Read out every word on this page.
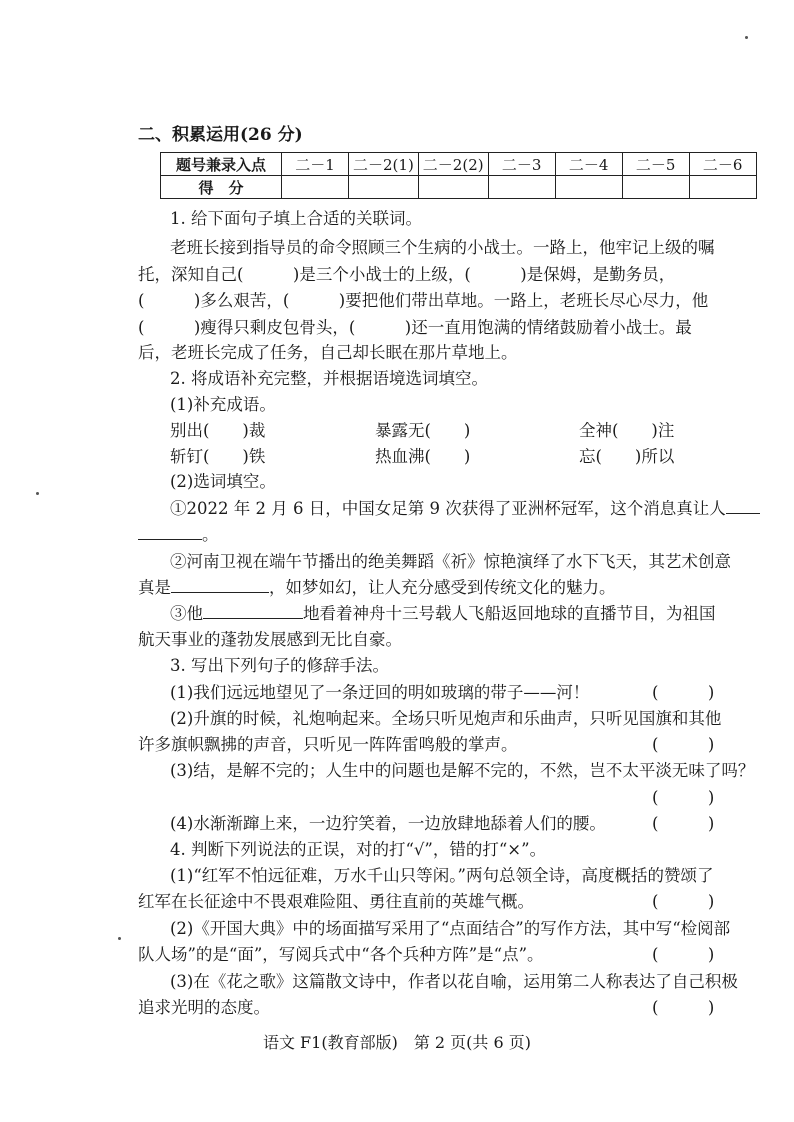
二、积累运用(26 分)
题号兼录入点	二－1	二－2(1)	二－2(2)	二－3	二－4	二－5	二－6
得　分							
1. 给下面句子填上合适的关联词。
老班长接到指导员的命令照顾三个生病的小战士。一路上，他牢记上级的嘱
托，深知自己(　　　)是三个小战士的上级，(　　　)是保姆，是勤务员，
(　　　)多么艰苦，(　　　)要把他们带出草地。一路上，老班长尽心尽力，他
(　　　)瘦得只剩皮包骨头，(　　　)还一直用饱满的情绪鼓励着小战士。最
后，老班长完成了任务，自己却长眠在那片草地上。
2. 将成语补充完整，并根据语境选词填空。
(1)补充成语。
别出(　　)裁	暴露无(　　)	全神(　　)注
斩钉(　　)铁	热血沸(　　)	忘(　　)所以
(2)选词填空。
①2022 年 2 月 6 日，中国女足第 9 次获得了亚洲杯冠军，这个消息真让人
。
②河南卫视在端午节播出的绝美舞蹈《祈》惊艳演绎了水下飞天，其艺术创意
真是	，如梦如幻，让人充分感受到传统文化的魅力。
③他	地看着神舟十三号载人飞船返回地球的直播节目，为祖国
航天事业的蓬勃发展感到无比自豪。
3. 写出下列句子的修辞手法。
(1)我们远远地望见了一条迂回的明如玻璃的带子——河！	(　　　)
(2)升旗的时候，礼炮响起来。全场只听见炮声和乐曲声，只听见国旗和其他
许多旗帜飘拂的声音，只听见一阵阵雷鸣般的掌声。	(　　　)
(3)结，是解不完的；人生中的问题也是解不完的，不然，岂不太平淡无味了吗？
(　　　)
(4)水渐渐蹿上来，一边狞笑着，一边放肆地舔着人们的腰。	(　　　)
4. 判断下列说法的正误，对的打“√”，错的打“×”。
(1)“红军不怕远征难，万水千山只等闲。”两句总领全诗，高度概括的赞颂了
红军在长征途中不畏艰难险阻、勇往直前的英雄气概。	(　　　)
(2)《开国大典》中的场面描写采用了“点面结合”的写作方法，其中写“检阅部
队人场”的是“面”，写阅兵式中“各个兵种方阵”是“点”。	(　　　)
(3)在《花之歌》这篇散文诗中，作者以花自喻，运用第二人称表达了自己积极
追求光明的态度。	(　　　)
语文 F1(教育部版)　第 2 页(共 6 页)
